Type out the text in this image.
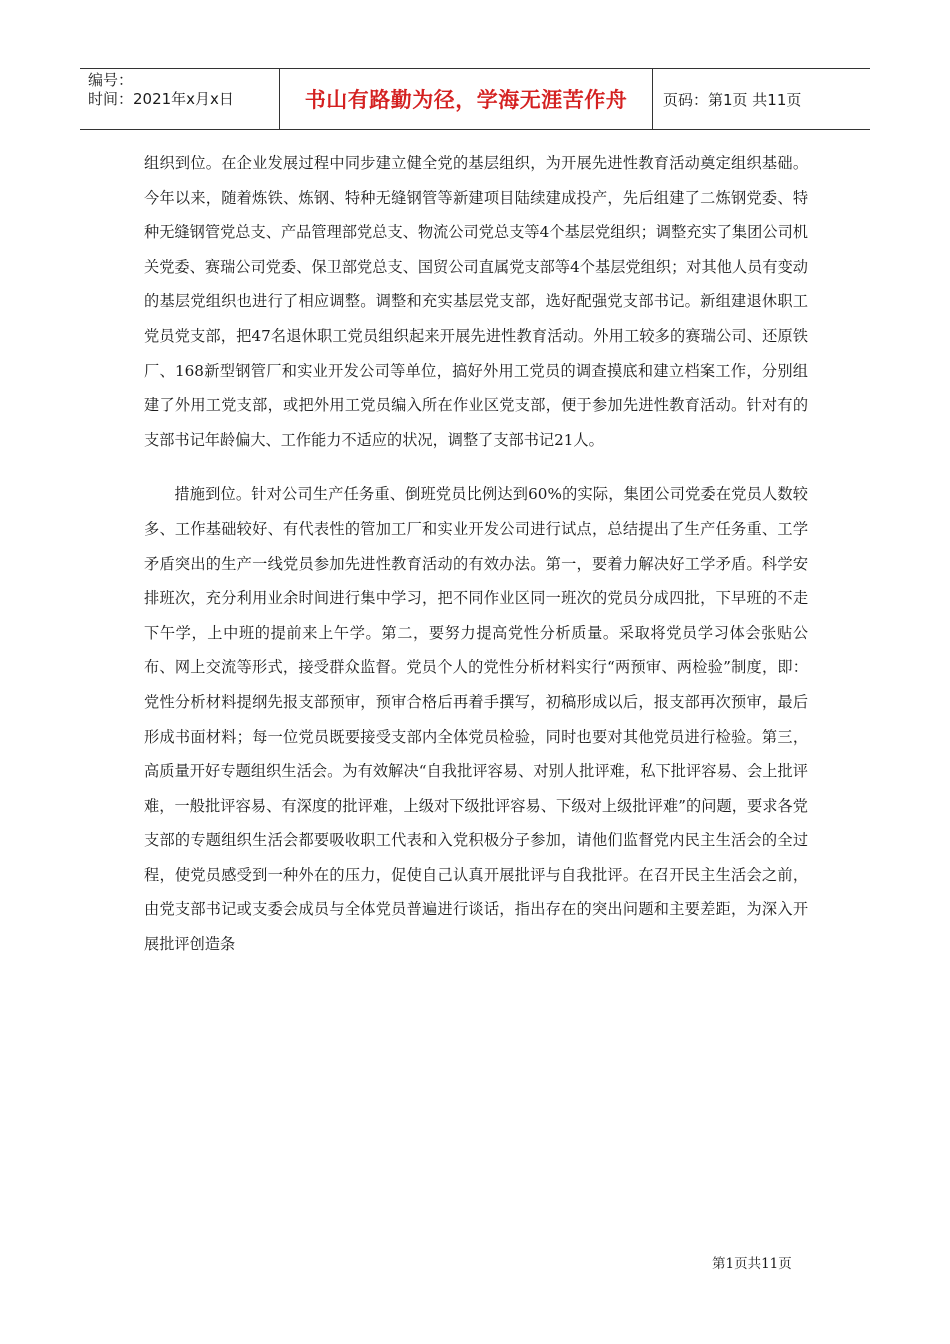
编号：
时间：2021年x月x日	书山有路勤为径，学海无涯苦作舟	页码：第1页 共11页

组织到位。在企业发展过程中同步建立健全党的基层组织，为开展先进性教育活动奠定组织基础。今年以来，随着炼铁、炼钢、特种无缝钢管等新建项目陆续建成投产，先后组建了二炼钢党委、特种无缝钢管党总支、产品管理部党总支、物流公司党总支等4个基层党组织；调整充实了集团公司机关党委、赛瑞公司党委、保卫部党总支、国贸公司直属党支部等4个基层党组织；对其他人员有变动的基层党组织也进行了相应调整。调整和充实基层党支部，选好配强党支部书记。新组建退休职工党员党支部，把47名退休职工党员组织起来开展先进性教育活动。外用工较多的赛瑞公司、还原铁厂、168新型钢管厂和实业开发公司等单位，搞好外用工党员的调查摸底和建立档案工作，分别组建了外用工党支部，或把外用工党员编入所在作业区党支部，便于参加先进性教育活动。针对有的支部书记年龄偏大、工作能力不适应的状况，调整了支部书记21人。

措施到位。针对公司生产任务重、倒班党员比例达到60%的实际，集团公司党委在党员人数较多、工作基础较好、有代表性的管加工厂和实业开发公司进行试点，总结提出了生产任务重、工学矛盾突出的生产一线党员参加先进性教育活动的有效办法。第一，要着力解决好工学矛盾。科学安排班次，充分利用业余时间进行集中学习，把不同作业区同一班次的党员分成四批，下早班的不走下午学，上中班的提前来上午学。第二，要努力提高党性分析质量。采取将党员学习体会张贴公布、网上交流等形式，接受群众监督。党员个人的党性分析材料实行“两预审、两检验”制度，即：党性分析材料提纲先报支部预审，预审合格后再着手撰写，初稿形成以后，报支部再次预审，最后形成书面材料；每一位党员既要接受支部内全体党员检验，同时也要对其他党员进行检验。第三，高质量开好专题组织生活会。为有效解决“自我批评容易、对别人批评难，私下批评容易、会上批评难，一般批评容易、有深度的批评难，上级对下级批评容易、下级对上级批评难”的问题，要求各党支部的专题组织生活会都要吸收职工代表和入党积极分子参加，请他们监督党内民主生活会的全过程，使党员感受到一种外在的压力，促使自己认真开展批评与自我批评。在召开民主生活会之前，由党支部书记或支委会成员与全体党员普遍进行谈话，指出存在的突出问题和主要差距，为深入开展批评创造条

第1页共11页
